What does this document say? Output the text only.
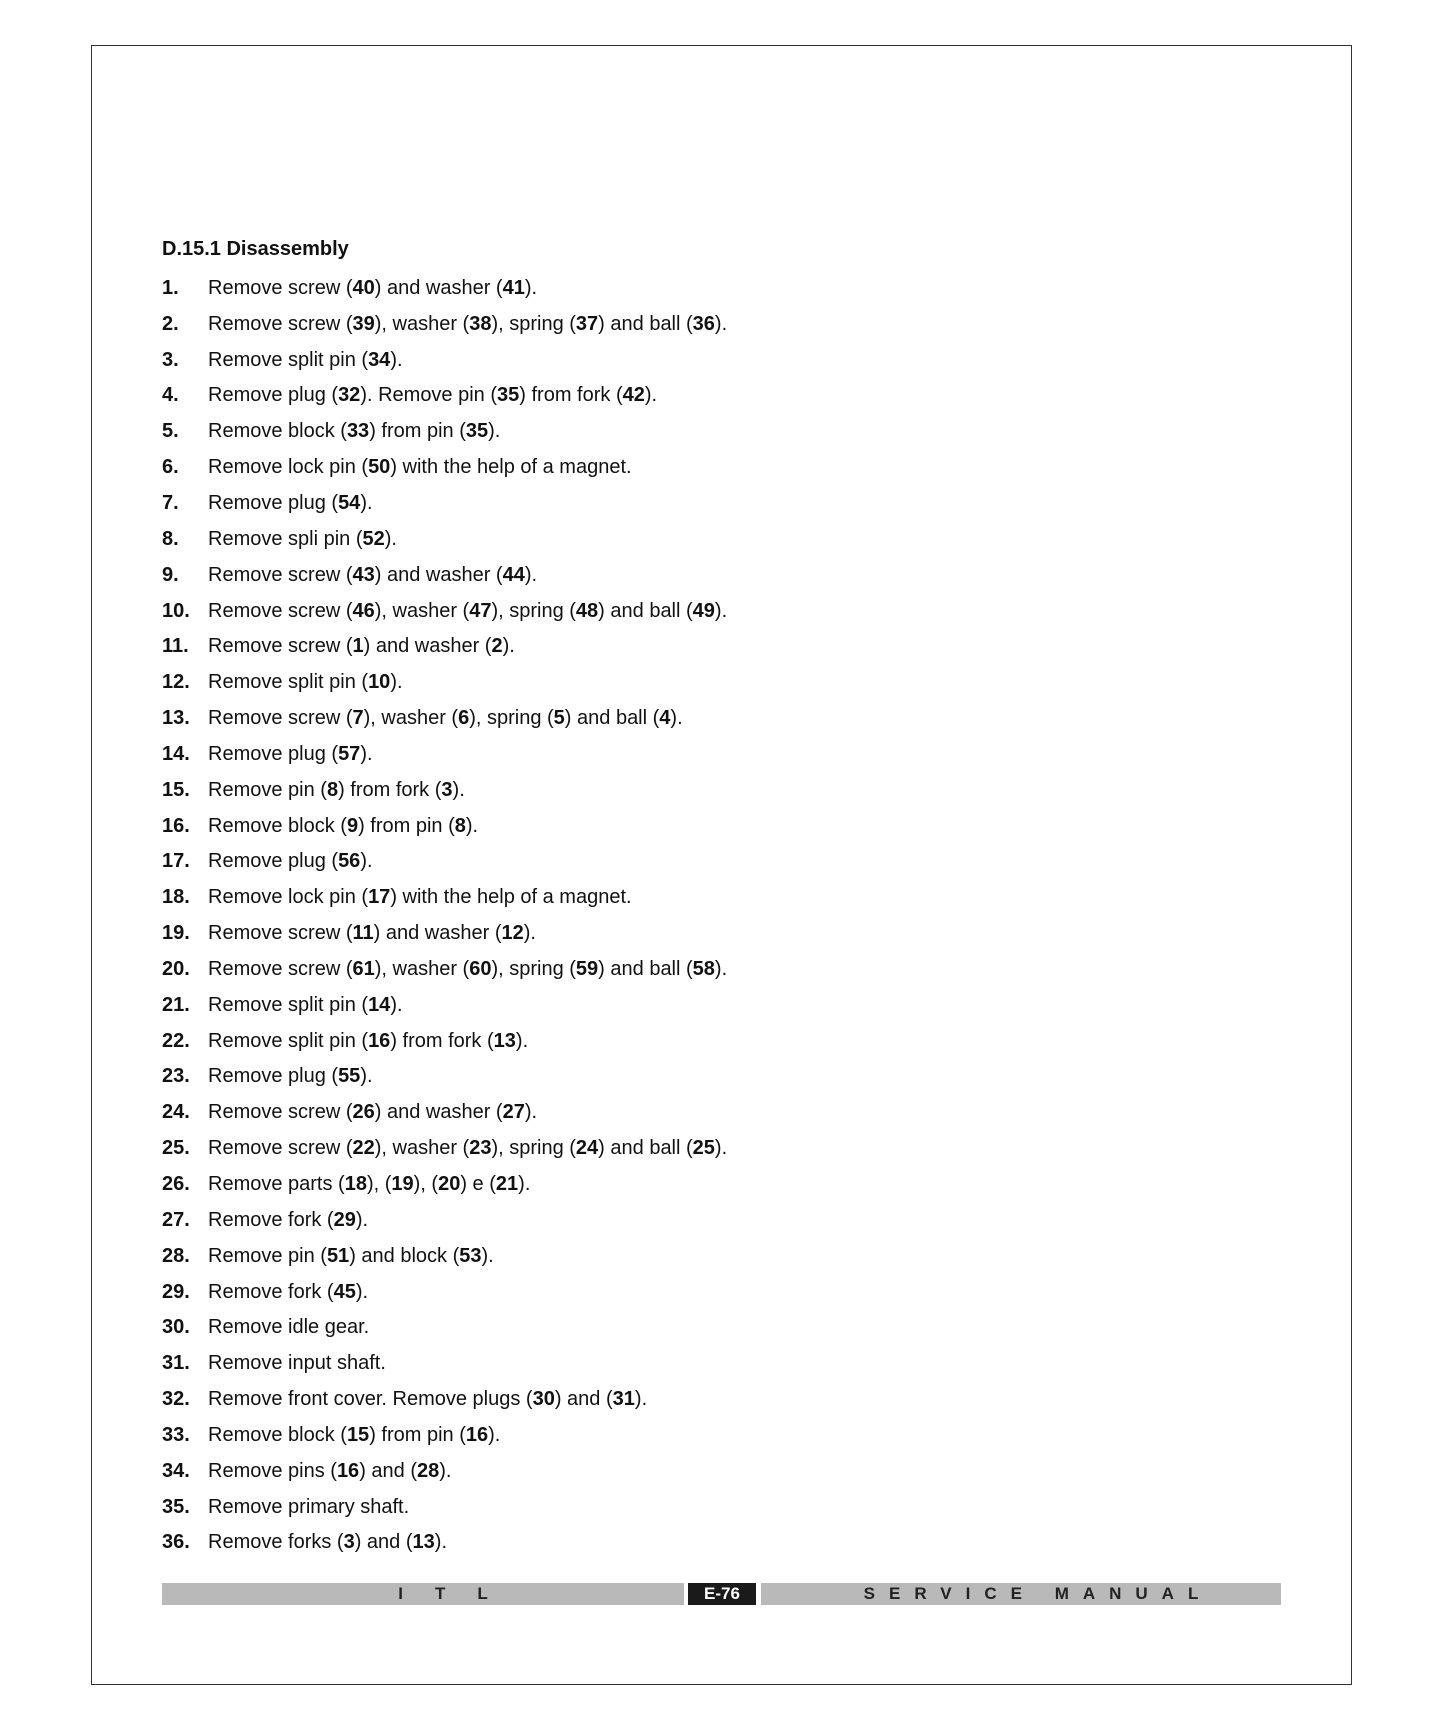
D.15.1 Disassembly
1.	Remove screw (40) and washer (41).
2.	Remove screw (39), washer (38), spring (37) and ball (36).
3.	Remove split pin (34).
4.	Remove plug (32). Remove pin (35) from fork (42).
5.	Remove block (33) from pin (35).
6.	Remove lock pin (50) with the help of a magnet.
7.	Remove plug (54).
8.	Remove spli pin (52).
9.	Remove screw (43) and washer (44).
10. Remove screw (46), washer (47), spring (48) and ball (49).
11. Remove screw (1) and washer (2).
12. Remove split pin (10).
13. Remove screw (7), washer (6), spring (5) and ball (4).
14. Remove plug (57).
15. Remove pin (8) from fork (3).
16. Remove block (9) from pin (8).
17. Remove plug (56).
18. Remove lock pin (17) with the help of a magnet.
19. Remove screw (11) and washer (12).
20. Remove screw (61), washer (60), spring (59) and ball (58).
21. Remove split pin (14).
22. Remove split pin (16) from fork (13).
23. Remove plug (55).
24. Remove screw (26) and washer (27).
25. Remove screw (22), washer (23), spring (24) and ball (25).
26. Remove parts (18), (19), (20) e (21).
27. Remove fork (29).
28. Remove pin (51) and block (53).
29. Remove fork (45).
30. Remove idle gear.
31. Remove input shaft.
32. Remove front cover. Remove plugs (30) and (31).
33. Remove block (15) from pin (16).
34. Remove pins (16) and (28).
35. Remove primary shaft.
36. Remove forks (3) and (13).
ITL	E-76	SERVICE MANUAL
